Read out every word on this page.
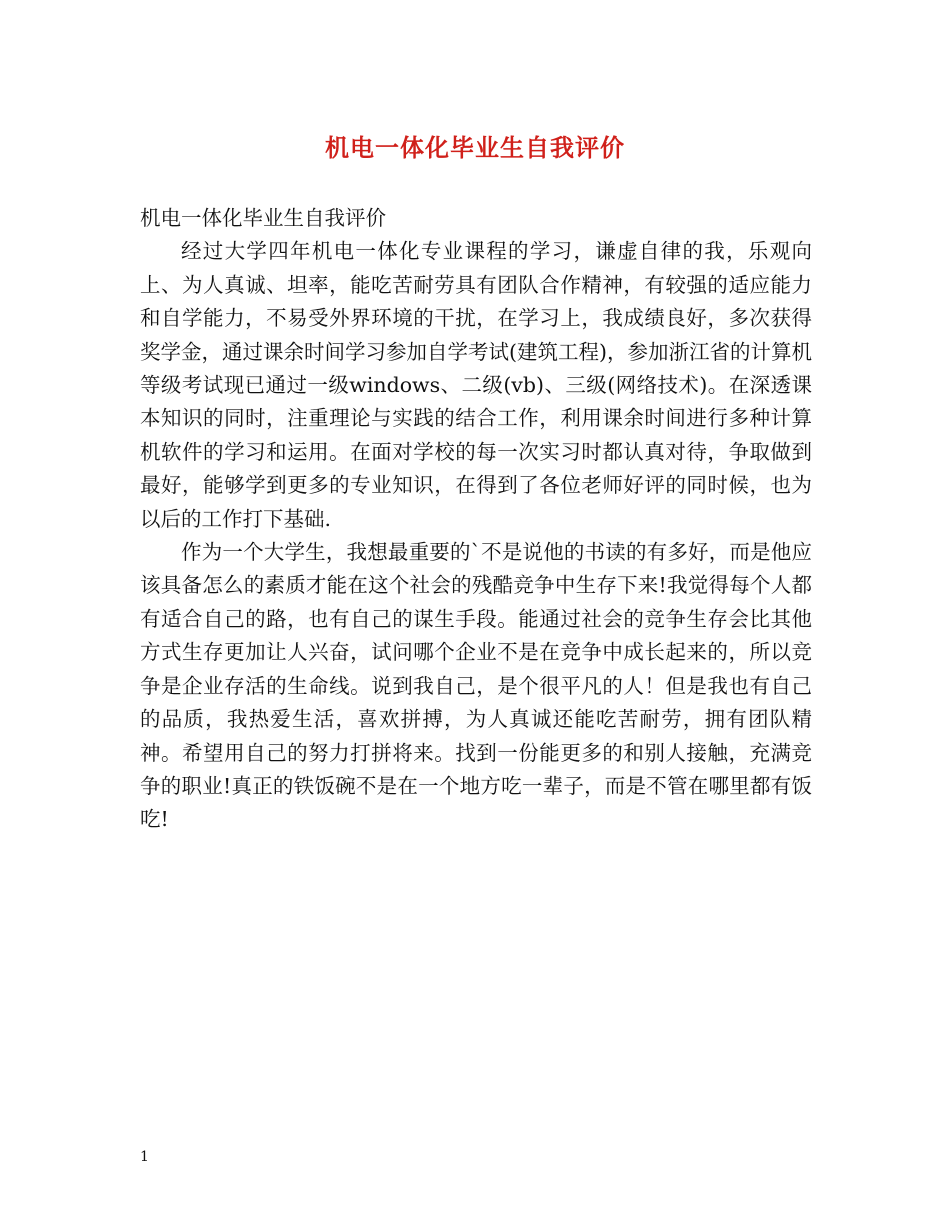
机电一体化毕业生自我评价

机电一体化毕业生自我评价

经过大学四年机电一体化专业课程的学习，谦虚自律的我，乐观向上、为人真诚、坦率，能吃苦耐劳具有团队合作精神，有较强的适应能力和自学能力，不易受外界环境的干扰，在学习上，我成绩良好，多次获得奖学金，通过课余时间学习参加自学考试(建筑工程)，参加浙江省的计算机等级考试现已通过一级windows、二级(vb)、三级(网络技术)。在深透课本知识的同时，注重理论与实践的结合工作，利用课余时间进行多种计算机软件的学习和运用。在面对学校的每一次实习时都认真对待，争取做到最好，能够学到更多的专业知识，在得到了各位老师好评的同时候，也为以后的工作打下基础.

作为一个大学生，我想最重要的`不是说他的书读的有多好，而是他应该具备怎么的素质才能在这个社会的残酷竞争中生存下来!我觉得每个人都有适合自己的路，也有自己的谋生手段。能通过社会的竞争生存会比其他方式生存更加让人兴奋，试问哪个企业不是在竞争中成长起来的，所以竞争是企业存活的生命线。说到我自己，是个很平凡的人！但是我也有自己的品质，我热爱生活，喜欢拼搏，为人真诚还能吃苦耐劳，拥有团队精神。希望用自己的努力打拼将来。找到一份能更多的和别人接触，充满竞争的职业!真正的铁饭碗不是在一个地方吃一辈子，而是不管在哪里都有饭吃!

1
